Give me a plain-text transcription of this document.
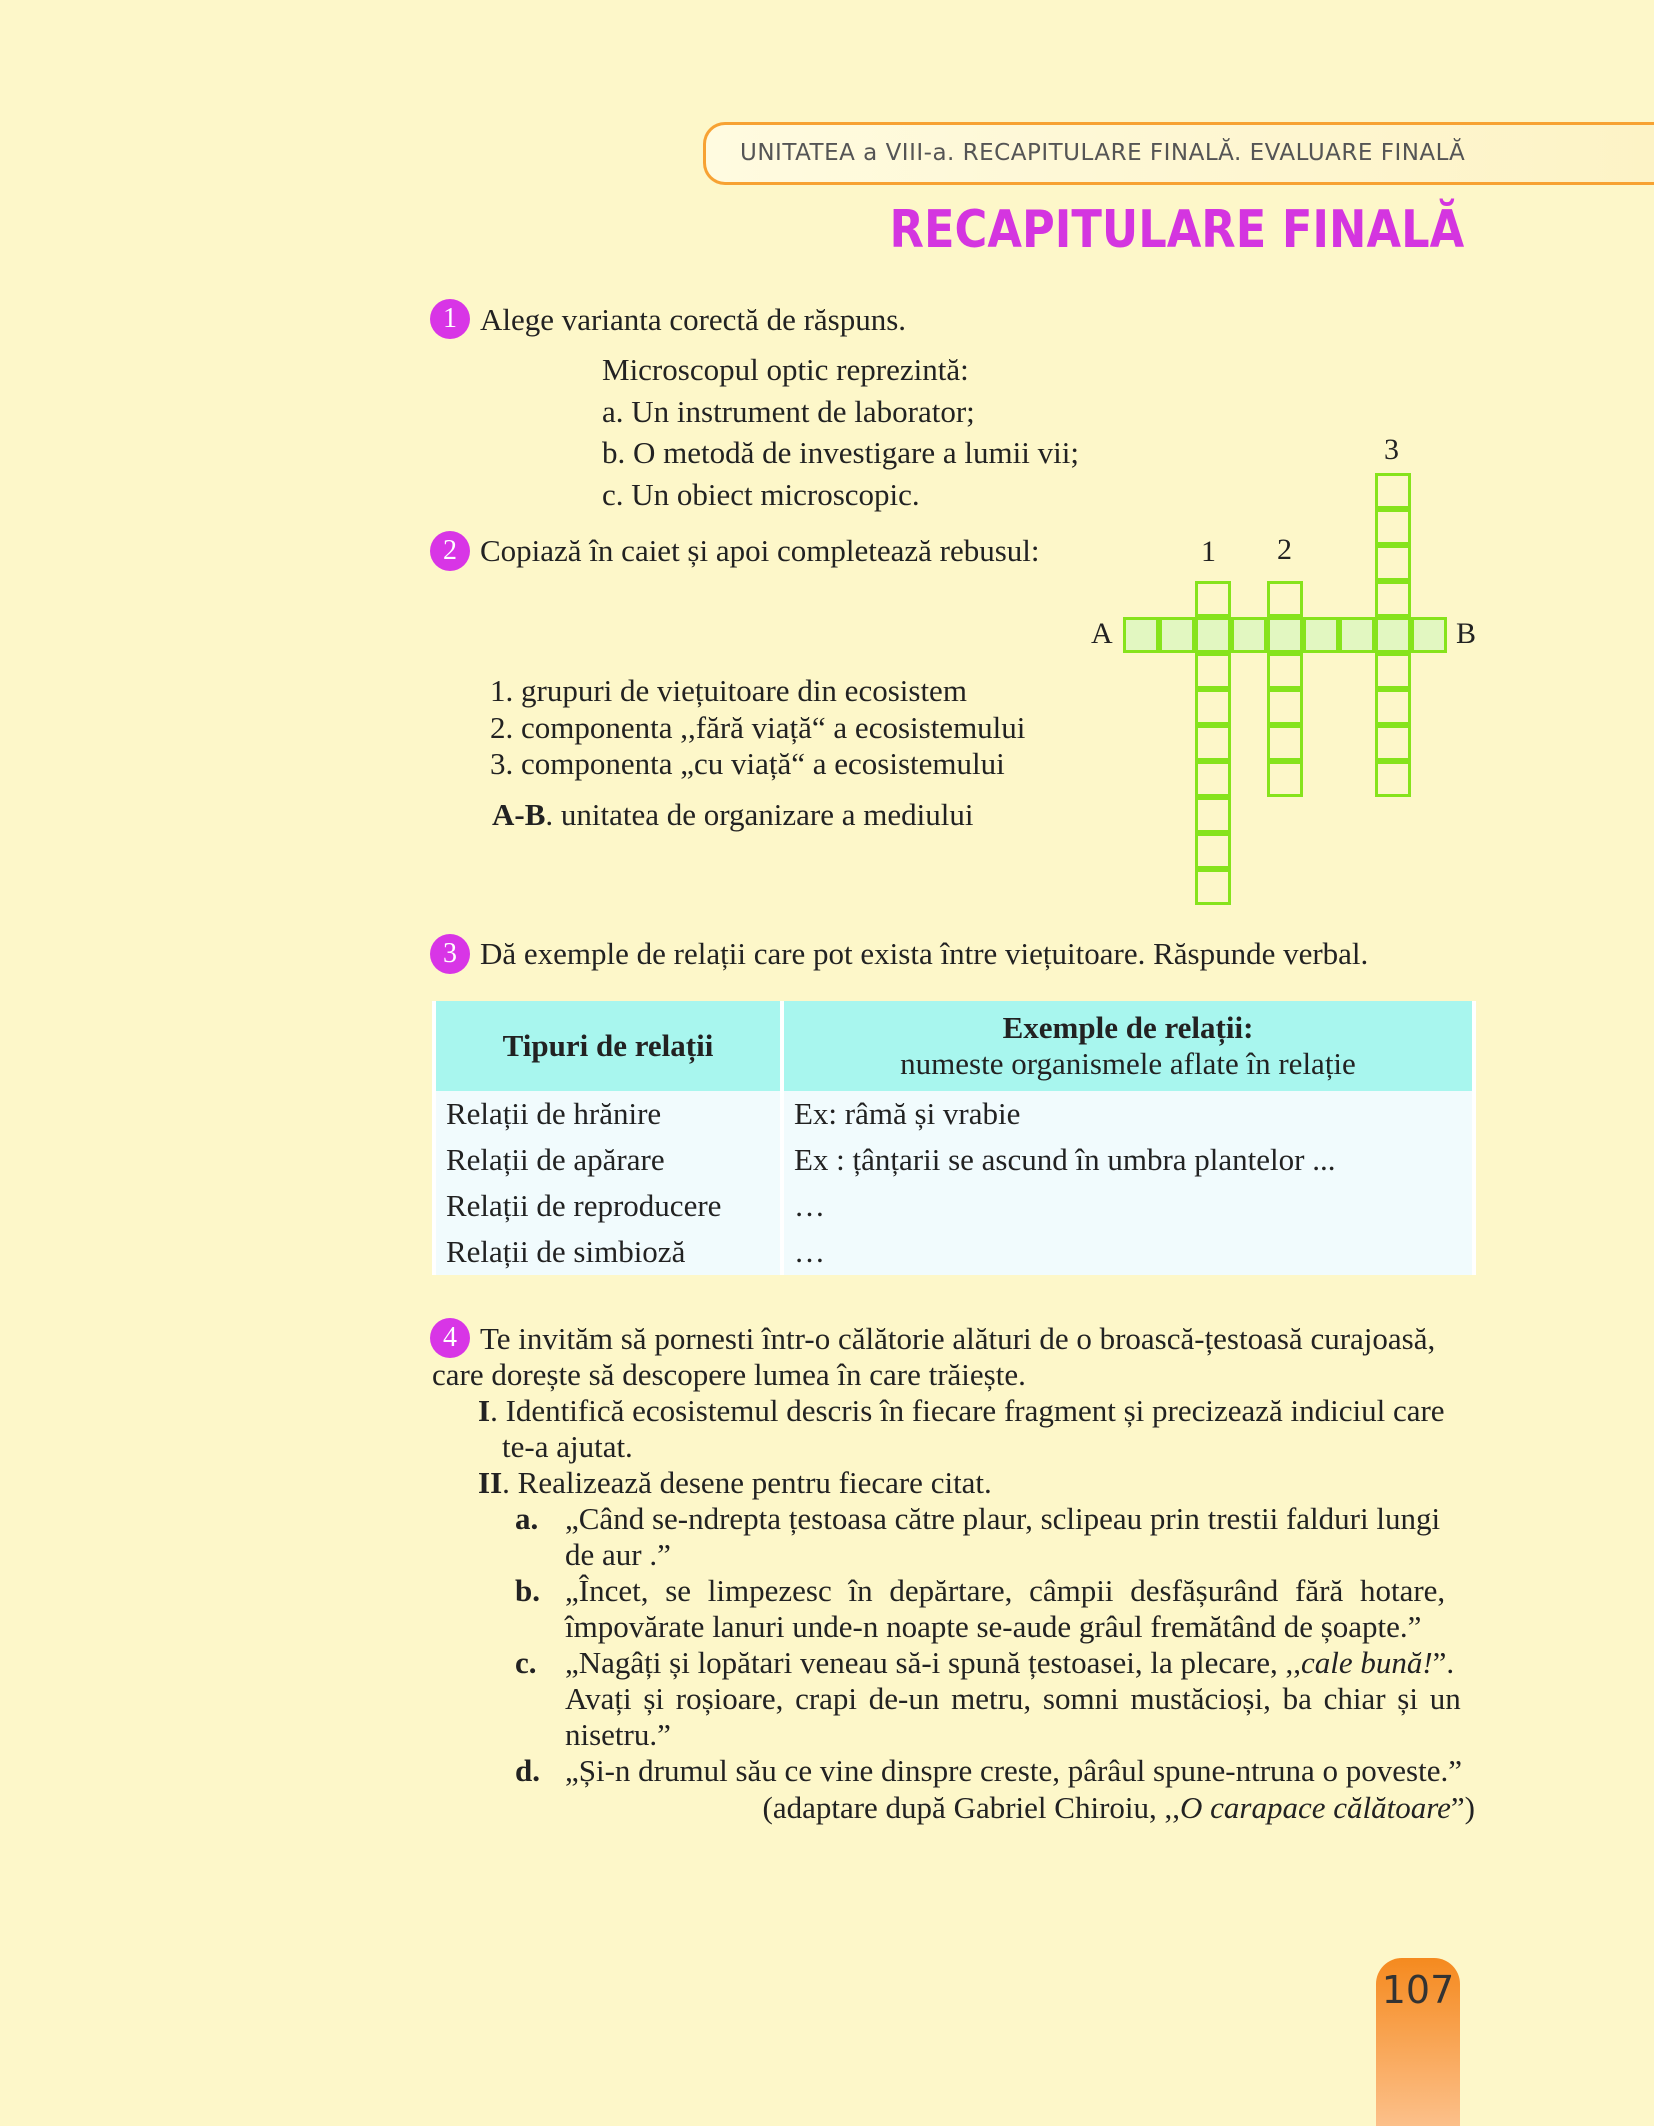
UNITATEA a VIII-a. RECAPITULARE FINALĂ. EVALUARE FINALĂ
RECAPITULARE FINALĂ
1 Alege varianta corectă de răspuns.
Microscopul optic reprezintă:
a. Un instrument de laborator;
b. O metodă de investigare a lumii vii;
c. Un obiect microscopic.
2 Copiază în caiet și apoi completează rebusul:
1. grupuri de viețuitoare din ecosistem
2. componenta ,,fără viață“ a ecosistemului
3. componenta „cu viață“ a ecosistemului
A-B. unitatea de organizare a mediului
1 2
3
A	B
3 Dă exemple de relații care pot exista între viețuitoare. Răspunde verbal.
Tipuri de relații	Exemple de relații:
numeste organismele aflate în relație

Relații de hrănire	Ex: râmă și vrabie
Relații de apărare	Ex : țânțarii se ascund în umbra plantelor ...
Relații de reproducere	…
Relații de simbioză	…
4 Te invităm să pornesti într-o călătorie alături de o broască-țestoasă curajoasă,
care dorește să descopere lumea în care trăiește.
I. Identifică ecosistemul descris în fiecare fragment și precizează indiciul care
te-a ajutat.
II. Realizează desene pentru fiecare citat.
a. „Când se-ndrepta țestoasa către plaur, sclipeau prin trestii falduri lungi
de aur .”
b. „Încet, se limpezesc în depărtare, câmpii desfășurând fără hotare,
împovărate lanuri unde-n noapte se-aude grâul fremătând de șoapte.”
c. „Nagâți și lopătari veneau să-i spună țestoasei, la plecare, ,,cale bună!”.
Avați și roșioare, crapi de-un metru, somni mustăcioși, ba chiar și un
nisetru.”
d. „Și-n drumul său ce vine dinspre creste, pârâul spune-ntruna o poveste.”
(adaptare după Gabriel Chiroiu, ,,O carapace călătoare”)
107
